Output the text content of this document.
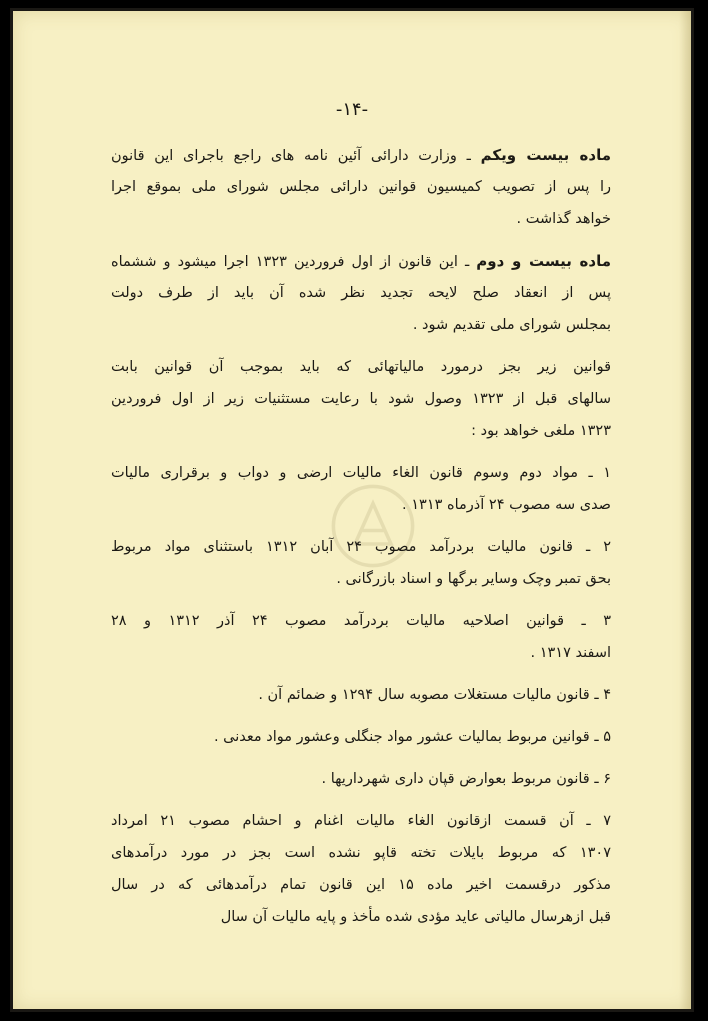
-۱۴-
ماده بیست ویکم ـ وزارت دارائی آئین نامه های راجع باجرای این قانون
را پس از تصویب کمیسیون قوانین دارائی مجلس شورای ملی بموقع اجرا
خواهد گذاشت .
ماده بیست و دوم ـ این قانون از اول فروردین ۱۳۲۳ اجرا میشود و ششماه
پس از انعقاد صلح لایحه تجدید نظر شده آن باید از طرف دولت
بمجلس شورای ملی تقدیم شود .
قوانین زیر بجز درمورد مالیاتهائی که باید بموجب آن قوانین بابت
سالهای قبل از ۱۳۲۳ وصول شود با رعایت مستثنیات زیر از اول فروردین
۱۳۲۳ ملغی خواهد بود :
۱ ـ مواد دوم وسوم قانون الغاء مالیات ارضی و دواب و برقراری مالیات
صدی سه مصوب ۲۴ آذرماه ۱۳۱۳ .
۲ ـ قانون مالیات بردرآمد مصوب ۲۴ آبان ۱۳۱۲ باستثنای مواد مربوط
بحق تمبر وچک وسایر برگها و اسناد بازرگانی .
۳ ـ قوانین اصلاحیه مالیات بردرآمد مصوب ۲۴ آذر ۱۳۱۲ و ۲۸
اسفند ۱۳۱۷ .
۴ ـ قانون مالیات مستغلات مصوبه سال ۱۲۹۴ و ضمائم آن .
۵ ـ قوانین مربوط بمالیات عشور مواد جنگلی وعشور مواد معدنی .
۶ ـ قانون مربوط بعوارض قپان داری شهرداریها .
۷ ـ آن قسمت ازقانون الغاء مالیات اغنام و احشام مصوب ۲۱ امرداد
۱۳۰۷ که مربوط بایلات تخته قاپو نشده است بجز در مورد درآمدهای
مذکور درقسمت اخیر ماده ۱۵ این قانون تمام درآمدهائی که در سال
قبل ازهرسال مالیاتی عاید مؤدی شده مأخذ و پایه مالیات آن سال
